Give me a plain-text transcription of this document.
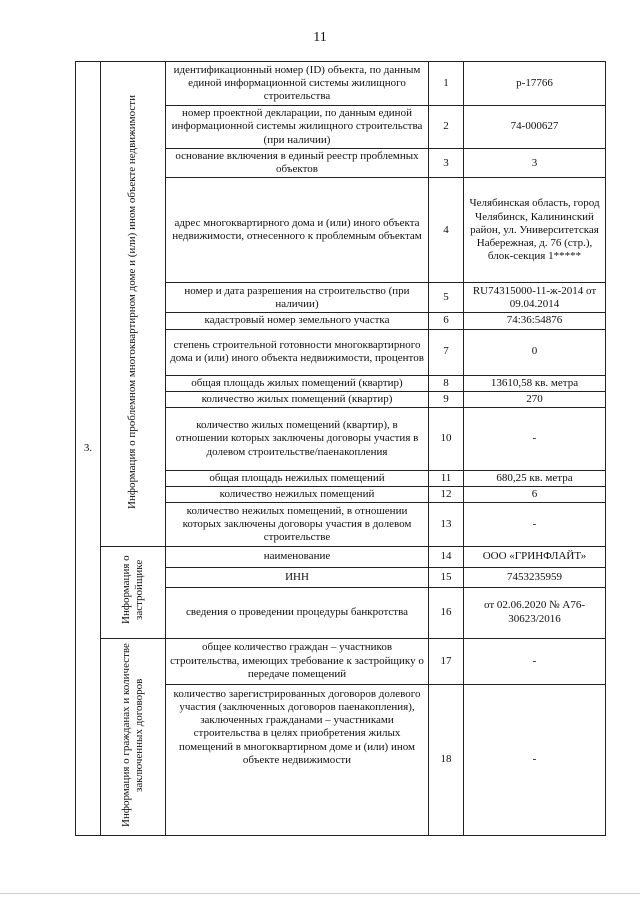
11
3.	Информация о проблемном многоквартирном доме и (или) ином объекте недвижимости	идентификационный номер (ID) объекта, по данным единой информационной системы жилищного строительства	1	р-17766
		номер проектной декларации, по данным единой информационной системы жилищного строительства (при наличии)	2	74-000627
		основание включения в единый реестр проблемных объектов	3	3
		адрес многоквартирного дома и (или) иного объекта недвижимости, отнесенного к проблемным объектам	4	Челябинская область, город Челябинск, Калининский район, ул. Университетская Набережная, д. 76 (стр.), блок-секция 1*****
		номер и дата разрешения на строительство (при наличии)	5	RU74315000-11-ж-2014 от 09.04.2014
		кадастровый номер земельного участка	6	74:36:54876
		степень строительной готовности многоквартирного дома и (или) иного объекта недвижимости, процентов	7	0
		общая площадь жилых помещений (квартир)	8	13610,58 кв. метра
		количество жилых помещений (квартир)	9	270
		количество жилых помещений (квартир), в отношении которых заключены договоры участия в долевом строительстве/паенакопления	10	-
		общая площадь нежилых помещений	11	680,25 кв. метра
		количество нежилых помещений	12	6
		количество нежилых помещений, в отношении которых заключены договоры участия в долевом строительстве	13	-
	Информация о застройщике	наименование	14	ООО «ГРИНФЛАЙТ»
		ИНН	15	7453235959
		сведения о проведении процедуры банкротства	16	от 02.06.2020 № А76-30623/2016
	Информация о гражданах и количестве заключенных договоров	общее количество граждан – участников строительства, имеющих требование к застройщику о передаче помещений	17	-
		количество зарегистрированных договоров долевого участия (заключенных договоров паенакопления), заключенных гражданами – участниками строительства в целях приобретения жилых помещений в многоквартирном доме и (или) ином объекте недвижимости	18	-
